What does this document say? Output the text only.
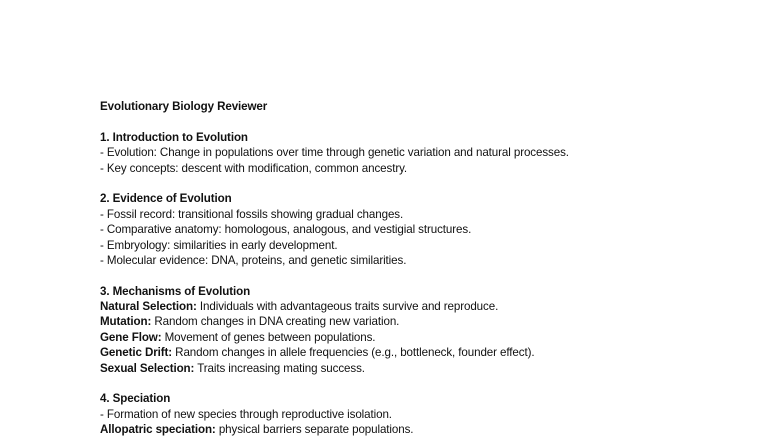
Evolutionary Biology Reviewer
1. Introduction to Evolution
- Evolution: Change in populations over time through genetic variation and natural processes.
- Key concepts: descent with modification, common ancestry.
2. Evidence of Evolution
- Fossil record: transitional fossils showing gradual changes.
- Comparative anatomy: homologous, analogous, and vestigial structures.
- Embryology: similarities in early development.
- Molecular evidence: DNA, proteins, and genetic similarities.
3. Mechanisms of Evolution
Natural Selection: Individuals with advantageous traits survive and reproduce.
Mutation: Random changes in DNA creating new variation.
Gene Flow: Movement of genes between populations.
Genetic Drift: Random changes in allele frequencies (e.g., bottleneck, founder effect).
Sexual Selection: Traits increasing mating success.
4. Speciation
- Formation of new species through reproductive isolation.
Allopatric speciation: physical barriers separate populations.
